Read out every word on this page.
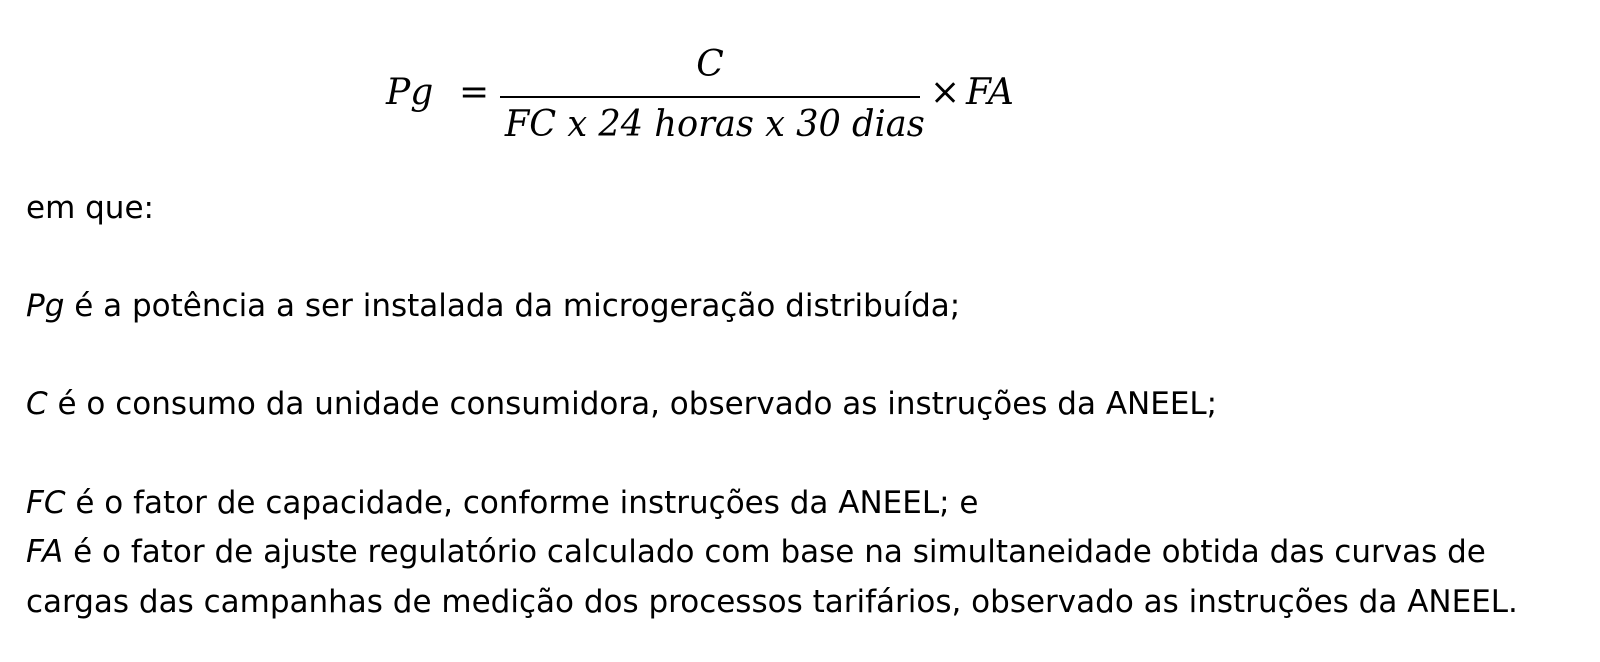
Pg =
C
FC x 24 horas x 30 dias
× FA
em que:
Pg é a potência a ser instalada da microgeração distribuída;
C é o consumo da unidade consumidora, observado as instruções da ANEEL;
FC é o fator de capacidade, conforme instruções da ANEEL; e
FA é o fator de ajuste regulatório calculado com base na simultaneidade obtida das curvas de
cargas das campanhas de medição dos processos tarifários, observado as instruções da ANEEL.
